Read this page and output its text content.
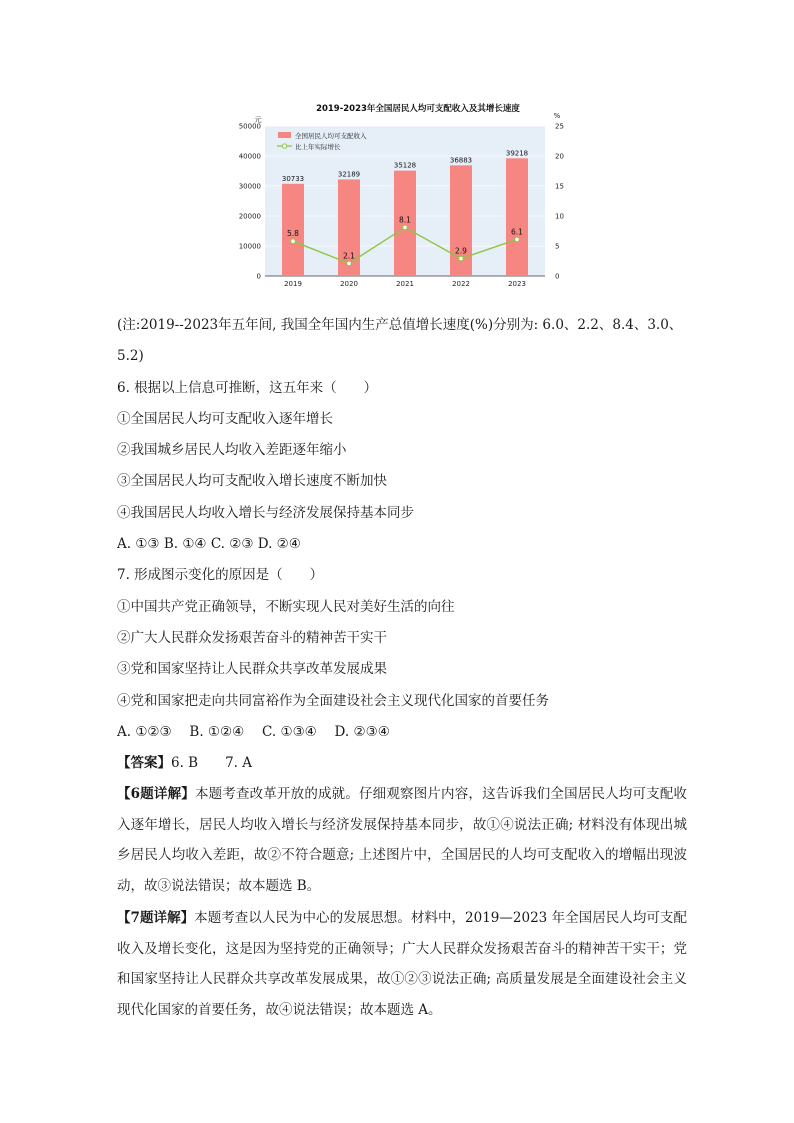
2019-2023年全国居民人均可支配收入及其增长速度
元	%
0
10000
20000
30000
40000
50000
0
5
10
15
20
25
30733
32189
35128
36883
39218
5.8
2.1
8.1
2.9
6.1
2019	2020	2021	2022	2023
全国居民人均可支配收入
比上年实际增长
(注:2019--2023年五年间, 我国全年国内生产总值增长速度(%)分别为: 6.0、2.2、8.4、3.0、
5.2)
6. 根据以上信息可推断，这五年来（　　）
①全国居民人均可支配收入逐年增长
②我国城乡居民人均收入差距逐年缩小
③全国居民人均可支配收入增长速度不断加快
④我国居民人均收入增长与经济发展保持基本同步
A. ①③ B. ①④ C. ②③ D. ②④
7. 形成图示变化的原因是（　　）
①中国共产党正确领导，不断实现人民对美好生活的向往
②广大人民群众发扬艰苦奋斗的精神苦干实干
③党和国家坚持让人民群众共享改革发展成果
④党和国家把走向共同富裕作为全面建设社会主义现代化国家的首要任务
A. ①②③　 B. ①②④　 C. ①③④　 D. ②③④
【答案】6. B　　7. A
【6题详解】本题考查改革开放的成就。仔细观察图片内容，这告诉我们全国居民人均可支配收入逐年增长，居民人均收入增长与经济发展保持基本同步，故①④说法正确; 材料没有体现出城乡居民人均收入差距，故②不符合题意; 上述图片中，全国居民的人均可支配收入的增幅出现波动，故③说法错误；故本题选 B。
【7题详解】本题考查以人民为中心的发展思想。材料中，2019—2023 年全国居民人均可支配收入及增长变化，这是因为坚持党的正确领导；广大人民群众发扬艰苦奋斗的精神苦干实干；党和国家坚持让人民群众共享改革发展成果，故①②③说法正确; 高质量发展是全面建设社会主义现代化国家的首要任务，故④说法错误；故本题选 A。
